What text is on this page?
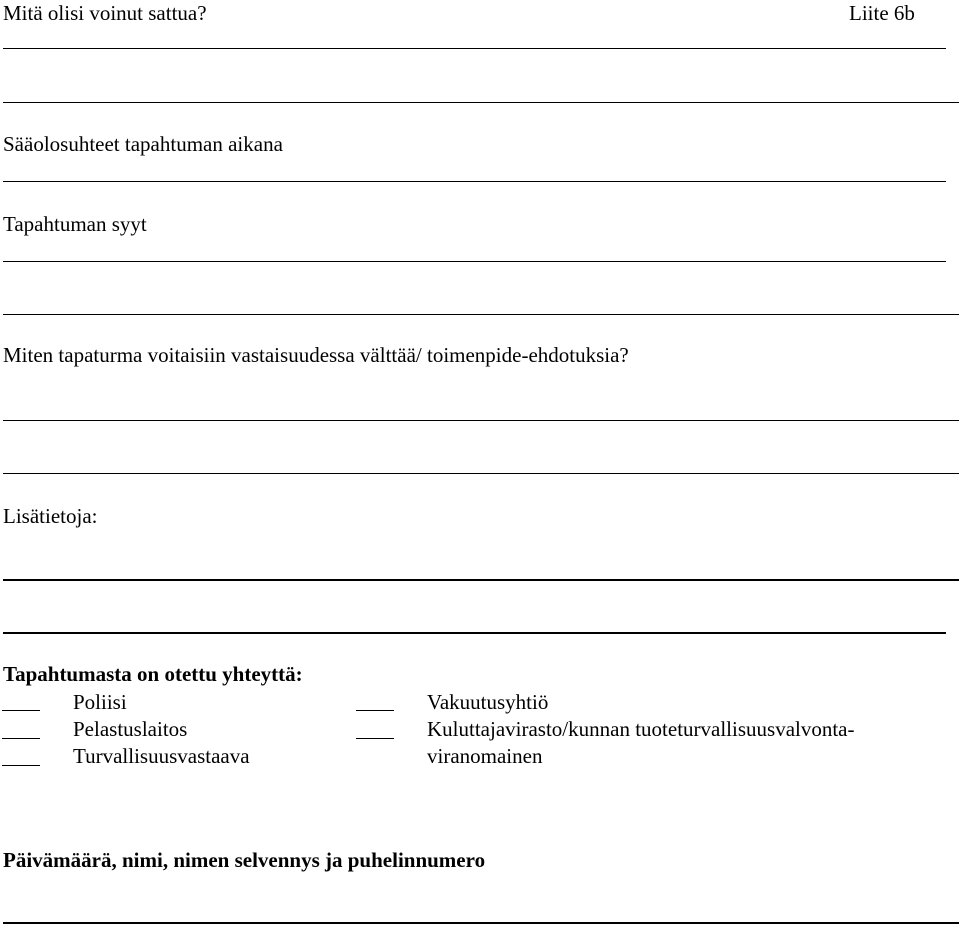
Mitä olisi voinut sattua?	Liite 6b
Sääolosuhteet tapahtuman aikana
Tapahtuman syyt
Miten tapaturma voitaisiin vastaisuudessa välttää/ toimenpide-ehdotuksia?
Lisätietoja:
Tapahtumasta on otettu yhteyttä:
Poliisi	Vakuutusyhtiö
Pelastuslaitos	Kuluttajavirasto/kunnan tuoteturvallisuusvalvonta-
Turvallisuusvastaava	viranomainen
Päivämäärä, nimi, nimen selvennys ja puhelinnumero
